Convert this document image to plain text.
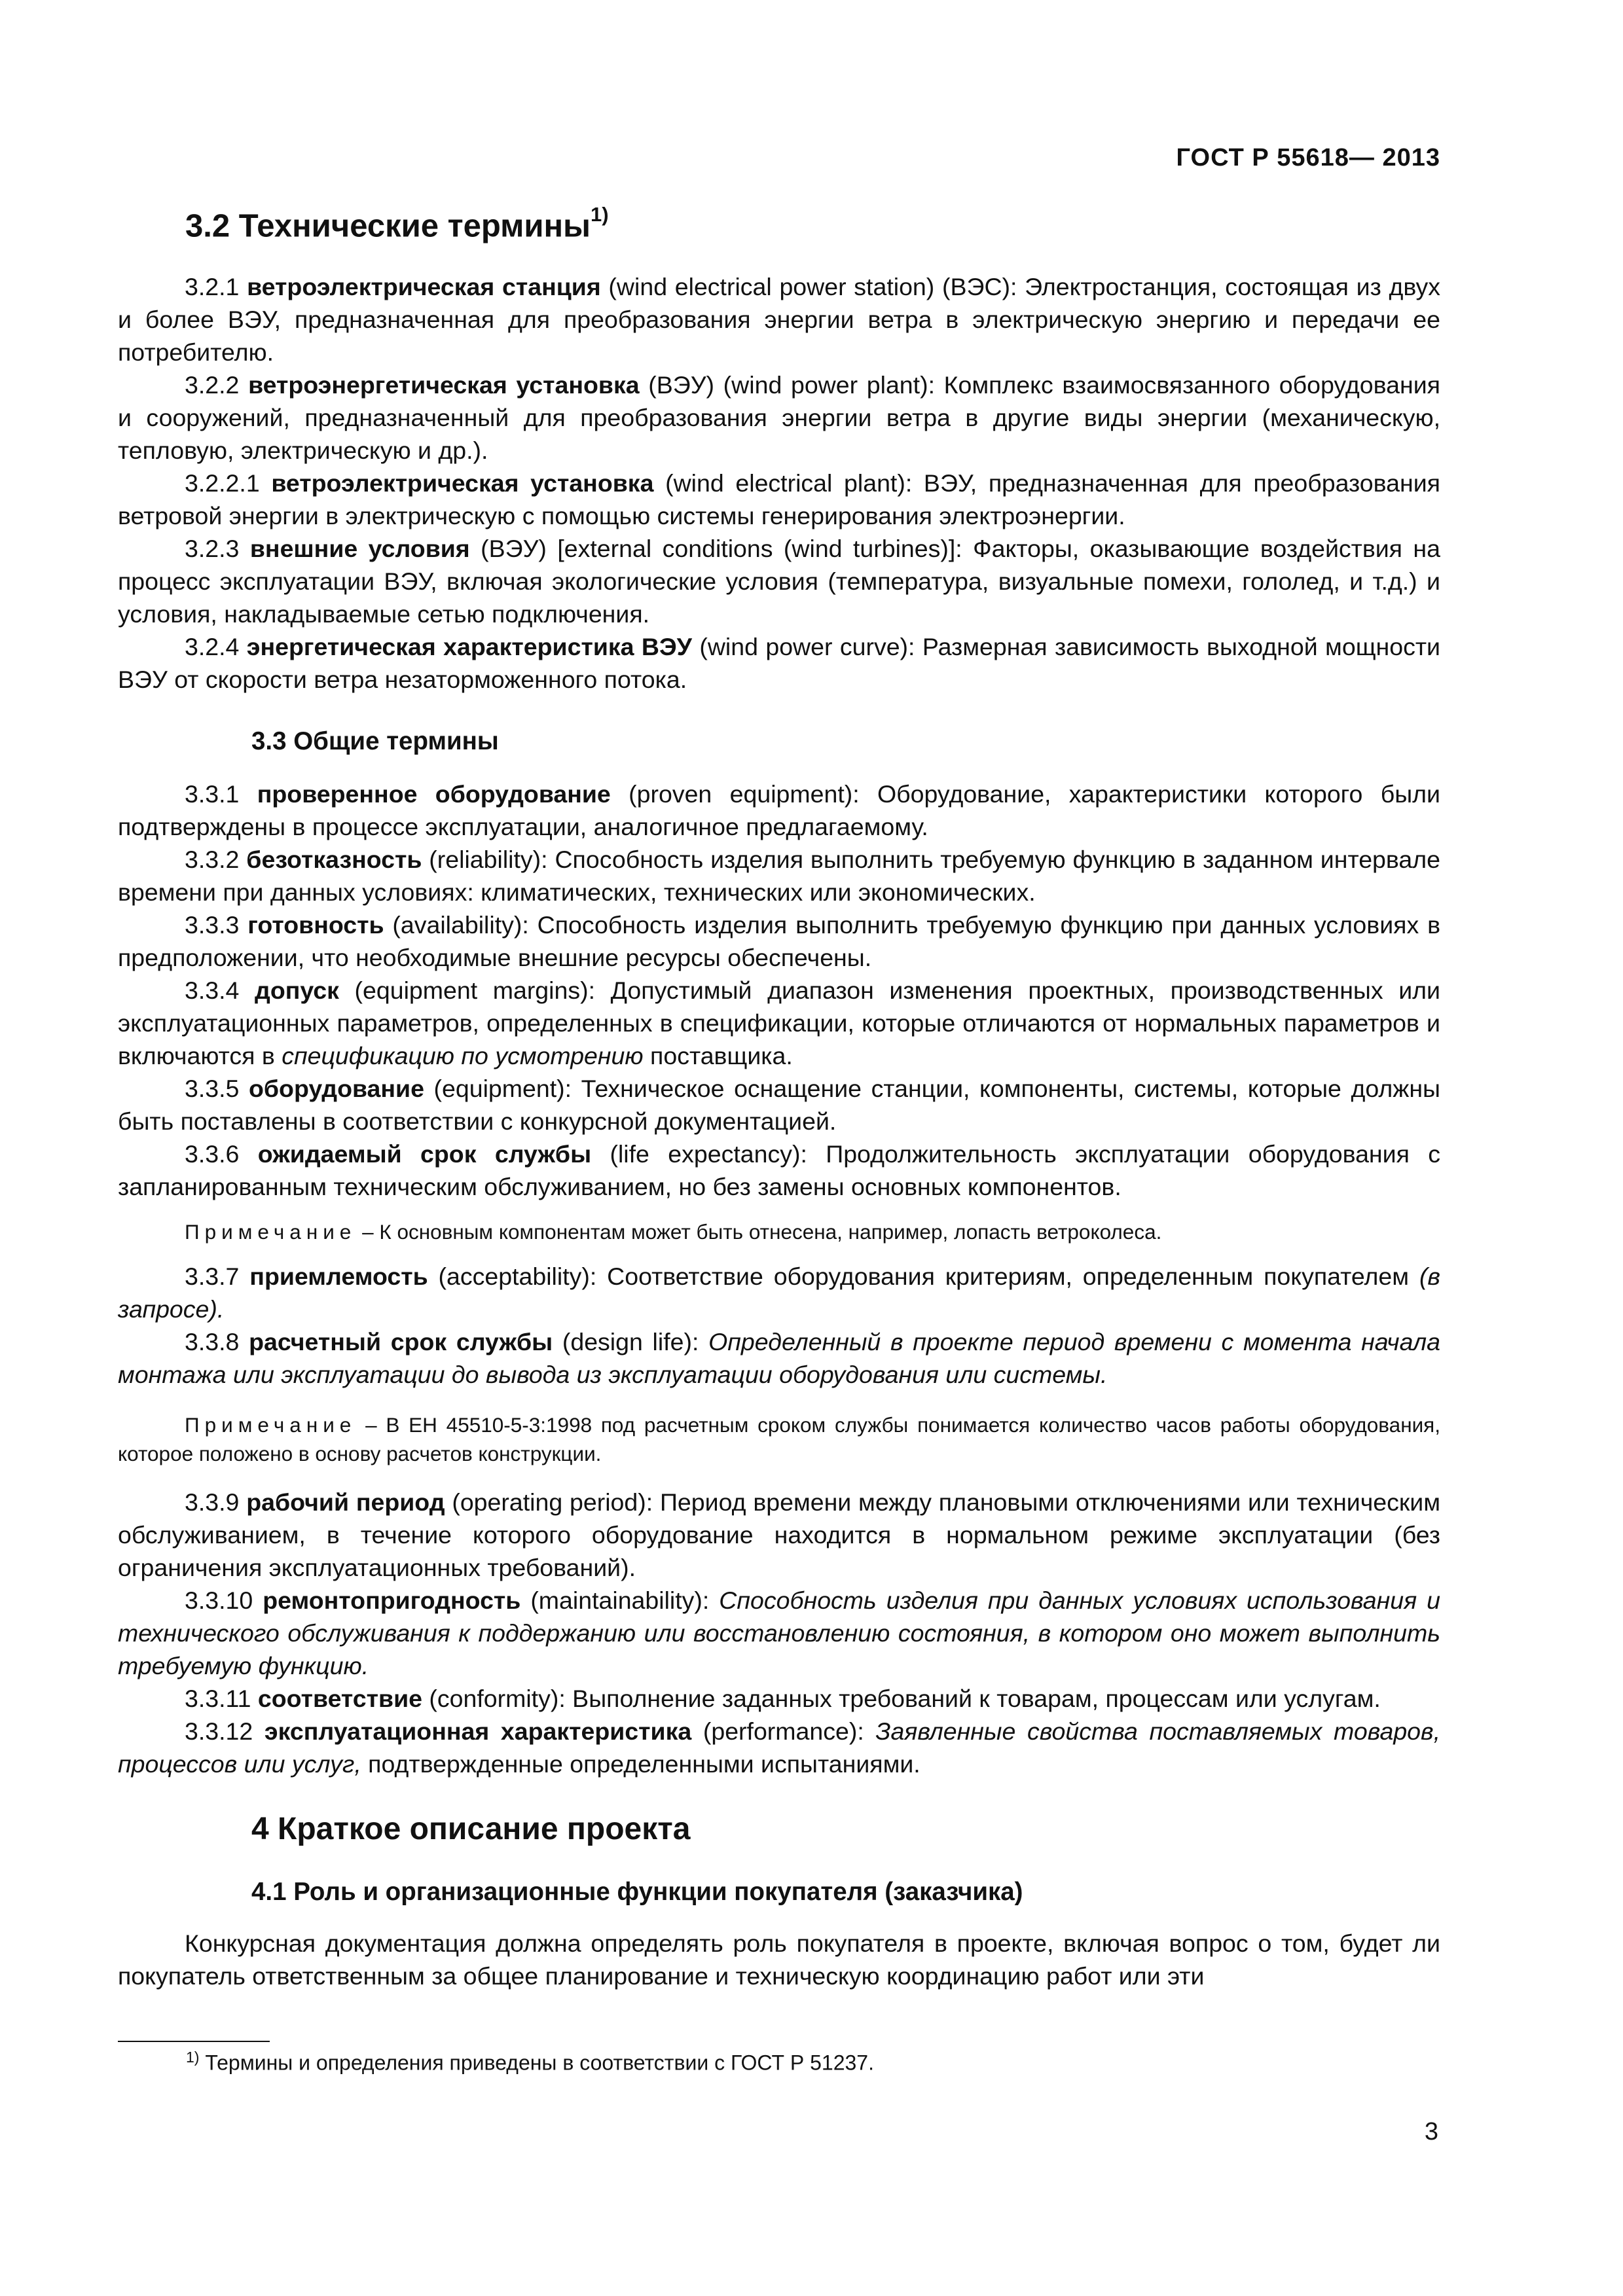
ГОСТ Р 55618— 2013
3.2 Технические термины$^{1)}$

3.2.1 ветроэлектрическая станция (wind electrical power station) (ВЭС): Электростанция, состоящая из двух и более ВЭУ, предназначенная для преобразования энергии ветра в электрическую энергию и передачи ее потребителю.

3.2.2 ветроэнергетическая установка (ВЭУ) (wind power plant): Комплекс взаимосвязанного оборудования и сооружений, предназначенный для преобразования энергии ветра в другие виды энергии (механическую, тепловую, электрическую и др.).

3.2.2.1 ветроэлектрическая установка (wind electrical plant): ВЭУ, предназначенная для преобразования ветровой энергии в электрическую с помощью системы генерирования электроэнергии.

3.2.3 внешние условия (ВЭУ) [external conditions (wind turbines)]: Факторы, оказывающие воздействия на процесс эксплуатации ВЭУ, включая экологические условия (температура, визуальные помехи, гололед, и т.д.) и условия, накладываемые сетью подключения.

3.2.4 энергетическая характеристика ВЭУ (wind power curve): Размерная зависимость выходной мощности ВЭУ от скорости ветра незаторможенного потока.

3.3 Общие термины

3.3.1 проверенное оборудование (proven equipment): Оборудование, характеристики которого были подтверждены в процессе эксплуатации, аналогичное предлагаемому.

3.3.2 безотказность (reliability): Способность изделия выполнить требуемую функцию в заданном интервале времени при данных условиях: климатических, технических или экономических.

3.3.3 готовность (availability): Способность изделия выполнить требуемую функцию при данных условиях в предположении, что необходимые внешние ресурсы обеспечены.

3.3.4 допуск (equipment margins): Допустимый диапазон изменения проектных, производственных или эксплуатационных параметров, определенных в спецификации, которые отличаются от нормальных параметров и включаются в спецификацию по усмотрению поставщика.

3.3.5 оборудование (equipment): Техническое оснащение станции, компоненты, системы, которые должны быть поставлены в соответствии с конкурсной документацией.

3.3.6 ожидаемый срок службы (life expectancy): Продолжительность эксплуатации оборудования с запланированным техническим обслуживанием, но без замены основных компонентов.

Примечание – К основным компонентам может быть отнесена, например, лопасть ветроколеса.

3.3.7 приемлемость (acceptability): Соответствие оборудования критериям, определенным покупателем (в запросе).

3.3.8 расчетный срок службы (design life): Определенный в проекте период времени с момента начала монтажа или эксплуатации до вывода из эксплуатации оборудования или системы.

Примечание – В ЕН 45510-5-3:1998 под расчетным сроком службы понимается количество часов работы оборудования, которое положено в основу расчетов конструкции.

3.3.9 рабочий период (operating period): Период времени между плановыми отключениями или техническим обслуживанием, в течение которого оборудование находится в нормальном режиме эксплуатации (без ограничения эксплуатационных требований).

3.3.10 ремонтопригодность (maintainability): Способность изделия при данных условиях использования и технического обслуживания к поддержанию или восстановлению состояния, в котором оно может выполнить требуемую функцию.

3.3.11 соответствие (conformity): Выполнение заданных требований к товарам, процессам или услугам.

3.3.12 эксплуатационная характеристика (performance): Заявленные свойства поставляемых товаров, процессов или услуг, подтвержденные определенными испытаниями.

4 Краткое описание проекта

4.1 Роль и организационные функции покупателя (заказчика)

Конкурсная документация должна определять роль покупателя в проекте, включая вопрос о том, будет ли покупатель ответственным за общее планирование и техническую координацию работ или эти

$^{1)}$ Термины и определения приведены в соответствии с ГОСТ Р 51237.
3
